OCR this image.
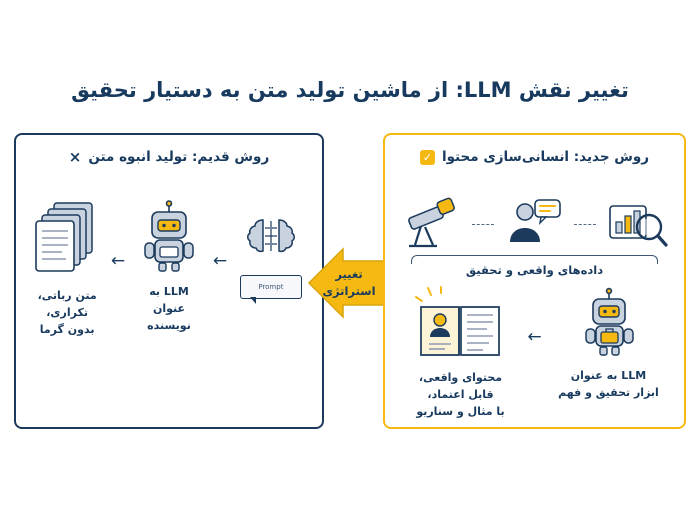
تغییر نقش LLM: از ماشین تولید متن به دستیار تحقیق
روش قدیم: تولید انبوه متن
×
Prompt
←
LLM به
عنوان نویسنده
←
متن رباتی،
تکراری،
بدون گرما
تغییر
استراتژی
روش جدید: انسانی‌سازی محتوا
✓
داده‌های واقعی و تحقیق
LLM به عنوان
ابزار تحقیق و فهم
←
محتوای واقعی،
قابل اعتماد،
با مثال و سناریو
